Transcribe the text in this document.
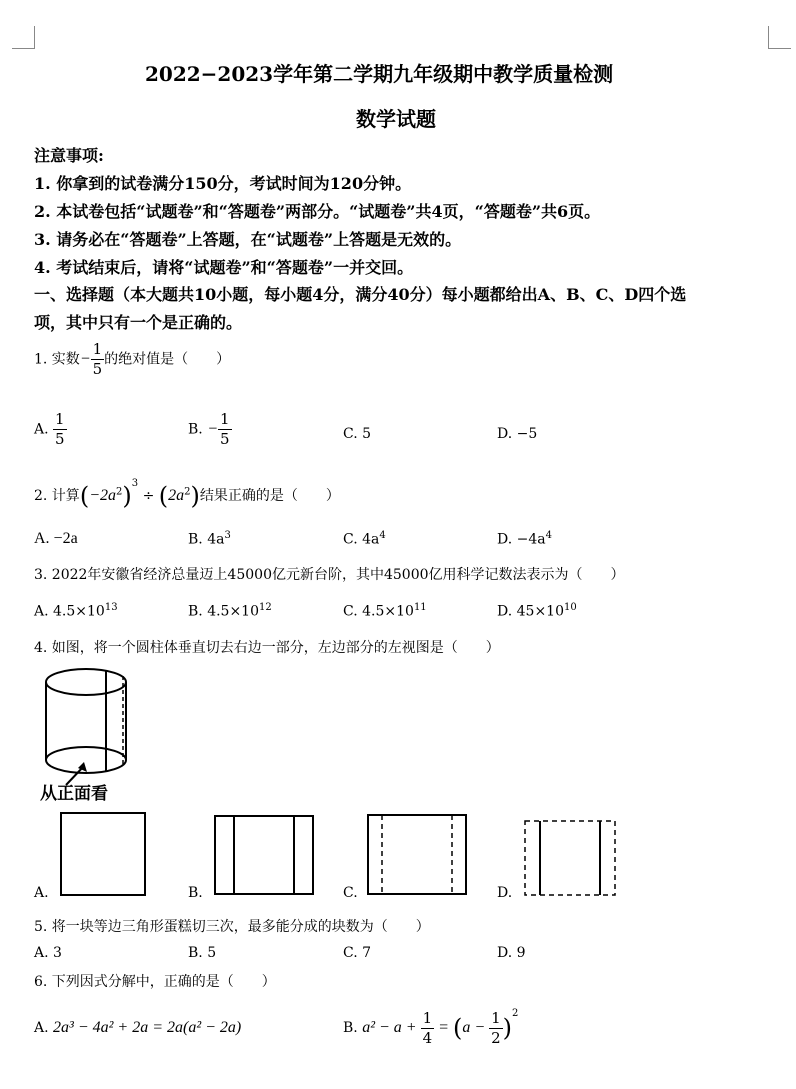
2022−2023学年第二学期九年级期中教学质量检测
数学试题
注意事项:
1. 你拿到的试卷满分150分，考试时间为120分钟。
2. 本试卷包括“试题卷”和“答题卷”两部分。“试题卷”共4页，“答题卷”共6页。
3. 请务必在“答题卷”上答题，在“试题卷”上答题是无效的。
4. 考试结束后，请将“试题卷”和“答题卷”一并交回。
一、选择题（本大题共10小题，每小题4分，满分40分）每小题都给出A、B、C、D四个选
项，其中只有一个是正确的。
1. 实数− $\frac{1}{5}$ 的绝对值是（　　）
A. $\frac{1}{5}$	B. − $\frac{1}{5}$	C. 5	D. −5
2. 计算$(-2a^2)^3 \div (2a^2)$结果正确的是（　　）
A. −2a	B. $4a^3$	C. $4a^4$	D. $-4a^4$
3. 2022年安徽省经济总量迈上45000亿元新台阶，其中45000亿用科学记数法表示为（　　）
A. $4.5\times 10^{13}$	B. $4.5\times 10^{12}$	C. $4.5\times 10^{11}$	D. $45\times 10^{10}$
4. 如图，将一个圆柱体垂直切去右边一部分，左边部分的左视图是（　　）
从正面看
A.	B.	C.	D.
5. 将一块等边三角形蛋糕切三次，最多能分成的块数为（　　）
A. 3	B. 5	C. 7	D. 9
6. 下列因式分解中，正确的是（　　）
A. 2a³ − 4a² + 2a = 2a(a² − 2a)	B. $a^2 - a + \frac{1}{4} = (a - \frac{1}{2} )^2$
